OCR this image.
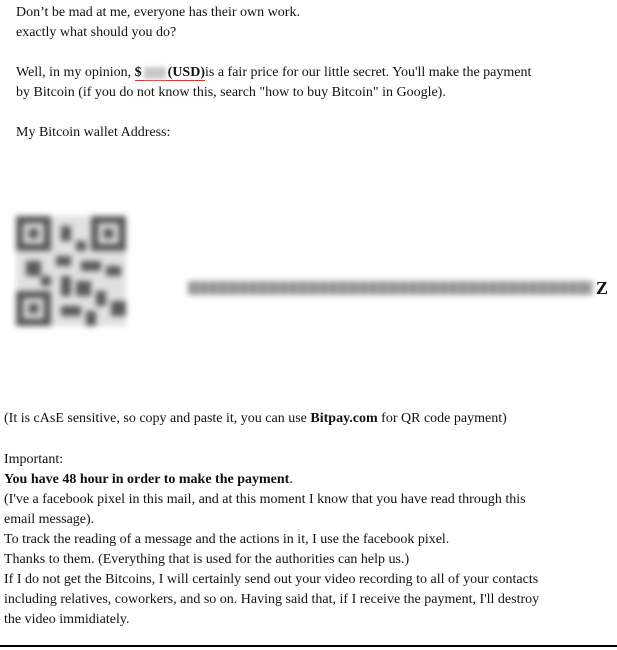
Don’t be mad at me, everyone has their own work.
exactly what should you do?
Well, in my opinion, $ (USD)is a fair price for our little secret. You'll make the payment
by Bitcoin (if you do not know this, search "how to buy Bitcoin" in Google).
My Bitcoin wallet Address:
Z
(It is cAsE sensitive, so copy and paste it, you can use Bitpay.com for QR code payment)
Important:
You have 48 hour in order to make the payment.
(I've a facebook pixel in this mail, and at this moment I know that you have read through this
email message).
To track the reading of a message and the actions in it, I use the facebook pixel.
Thanks to them. (Everything that is used for the authorities can help us.)
If I do not get the Bitcoins, I will certainly send out your video recording to all of your contacts
including relatives, coworkers, and so on. Having said that, if I receive the payment, I'll destroy
the video immidiately.
